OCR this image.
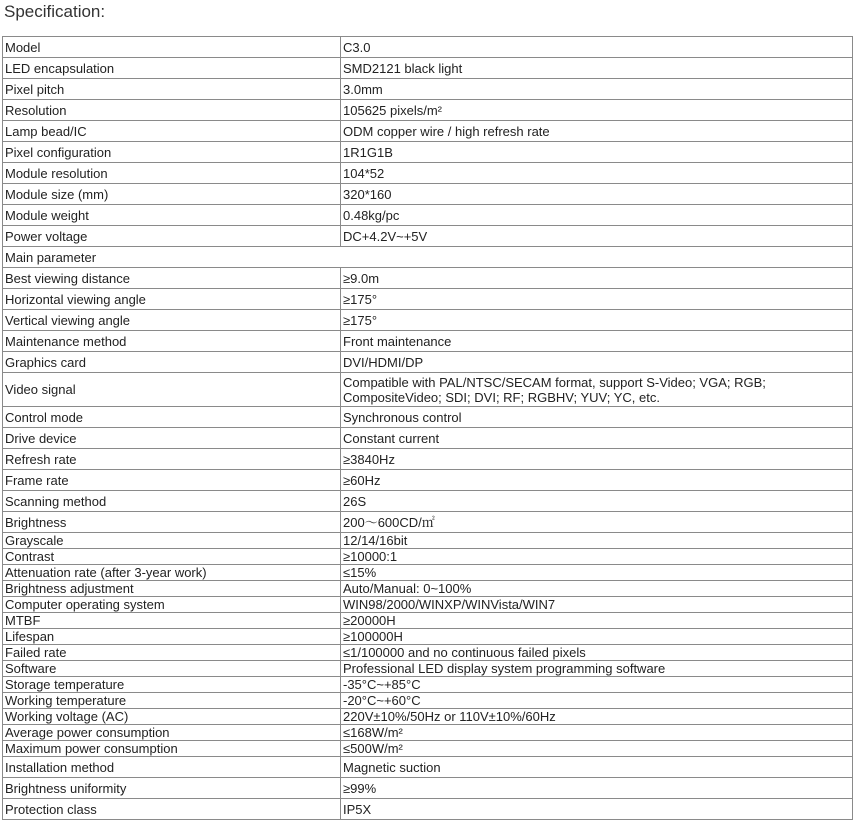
Specification:
Model	C3.0
LED encapsulation	SMD2121 black light
Pixel pitch	3.0mm
Resolution	105625 pixels/m²
Lamp bead/IC	ODM copper wire / high refresh rate
Pixel configuration	1R1G1B
Module resolution	104*52
Module size (mm)	320*160
Module weight	0.48kg/pc
Power voltage	DC+4.2V~+5V
Main parameter	
Best viewing distance	≥9.0m
Horizontal viewing angle	≥175°
Vertical viewing angle	≥175°
Maintenance method	Front maintenance
Graphics card	DVI/HDMI/DP
Video signal	Compatible with PAL/NTSC/SECAM format, support S-Video; VGA; RGB; CompositeVideo; SDI; DVI; RF; RGBHV; YUV; YC, etc.
Control mode	Synchronous control
Drive device	Constant current
Refresh rate	≥3840Hz
Frame rate	≥60Hz
Scanning method	26S
Brightness	200～600CD/㎡
Grayscale	12/14/16bit
Contrast	≥10000:1
Attenuation rate (after 3-year work)	≤15%
Brightness adjustment	Auto/Manual: 0~100%
Computer operating system	WIN98/2000/WINXP/WINVista/WIN7
MTBF	≥20000H
Lifespan	≥100000H
Failed rate	≤1/100000 and no continuous failed pixels
Software	Professional LED display system programming software
Storage temperature	-35°C~+85°C
Working temperature	-20°C~+60°C
Working voltage (AC)	220V±10%/50Hz or 110V±10%/60Hz
Average power consumption	≤168W/m²
Maximum power consumption	≤500W/m²
Installation method	Magnetic suction
Brightness uniformity	≥99%
Protection class	IP5X
